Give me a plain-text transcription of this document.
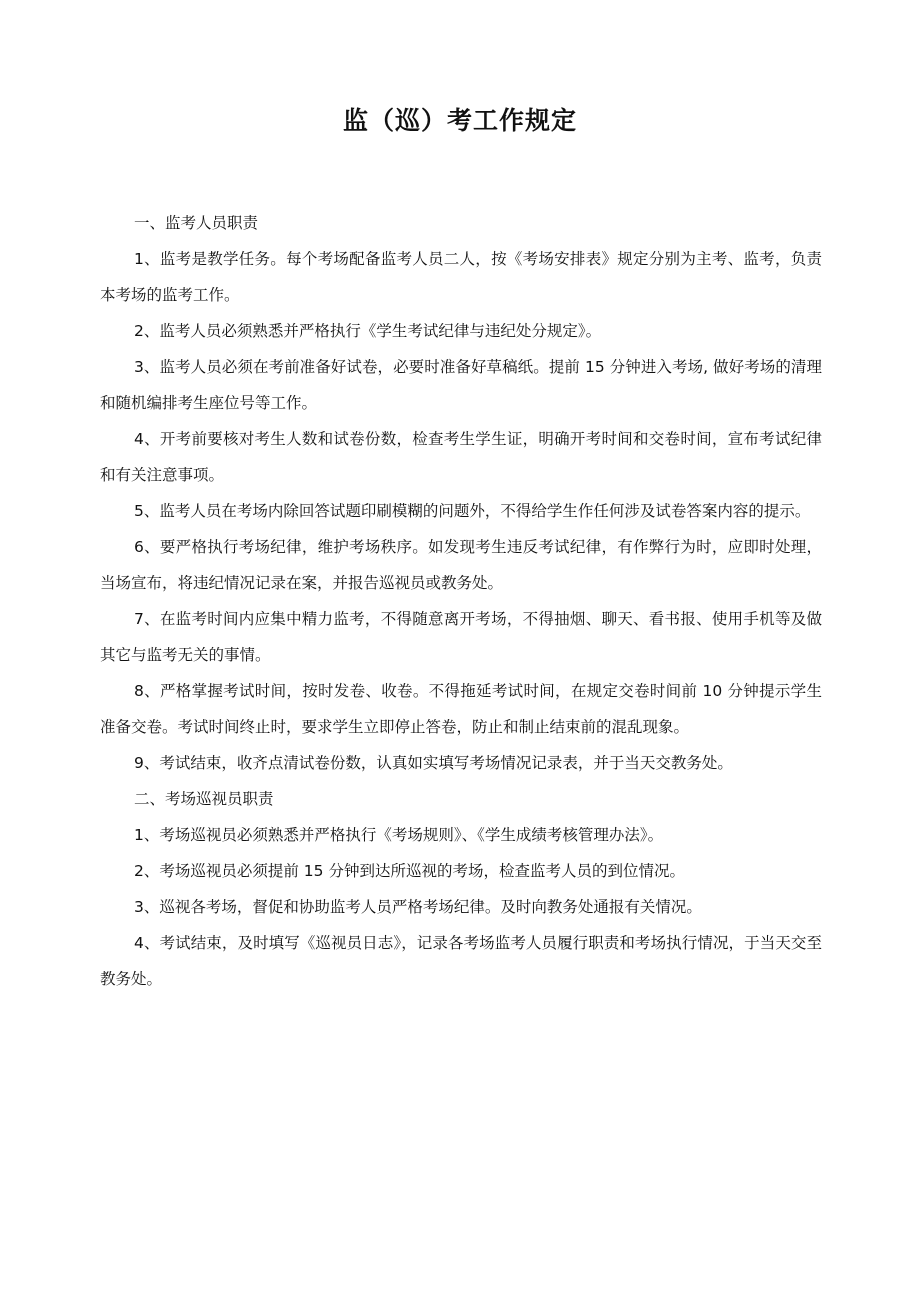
监（巡）考工作规定
一、监考人员职责
1、监考是教学任务。每个考场配备监考人员二人，按《考场安排表》规定分别为主考、监考，负责本考场的监考工作。
2、监考人员必须熟悉并严格执行《学生考试纪律与违纪处分规定》。
3、监考人员必须在考前准备好试卷，必要时准备好草稿纸。提前 15 分钟进入考场, 做好考场的清理和随机编排考生座位号等工作。
4、开考前要核对考生人数和试卷份数，检查考生学生证，明确开考时间和交卷时间，宣布考试纪律和有关注意事项。
5、监考人员在考场内除回答试题印刷模糊的问题外，不得给学生作任何涉及试卷答案内容的提示。
6、要严格执行考场纪律，维护考场秩序。如发现考生违反考试纪律，有作弊行为时，应即时处理，当场宣布，将违纪情况记录在案，并报告巡视员或教务处。
7、在监考时间内应集中精力监考，不得随意离开考场，不得抽烟、聊天、看书报、使用手机等及做其它与监考无关的事情。
8、严格掌握考试时间，按时发卷、收卷。不得拖延考试时间，在规定交卷时间前 10 分钟提示学生准备交卷。考试时间终止时，要求学生立即停止答卷，防止和制止结束前的混乱现象。
9、考试结束，收齐点清试卷份数，认真如实填写考场情况记录表，并于当天交教务处。
二、考场巡视员职责
1、考场巡视员必须熟悉并严格执行《考场规则》、《学生成绩考核管理办法》。
2、考场巡视员必须提前 15 分钟到达所巡视的考场，检查监考人员的到位情况。
3、巡视各考场，督促和协助监考人员严格考场纪律。及时向教务处通报有关情况。
4、考试结束，及时填写《巡视员日志》，记录各考场监考人员履行职责和考场执行情况，于当天交至教务处。
